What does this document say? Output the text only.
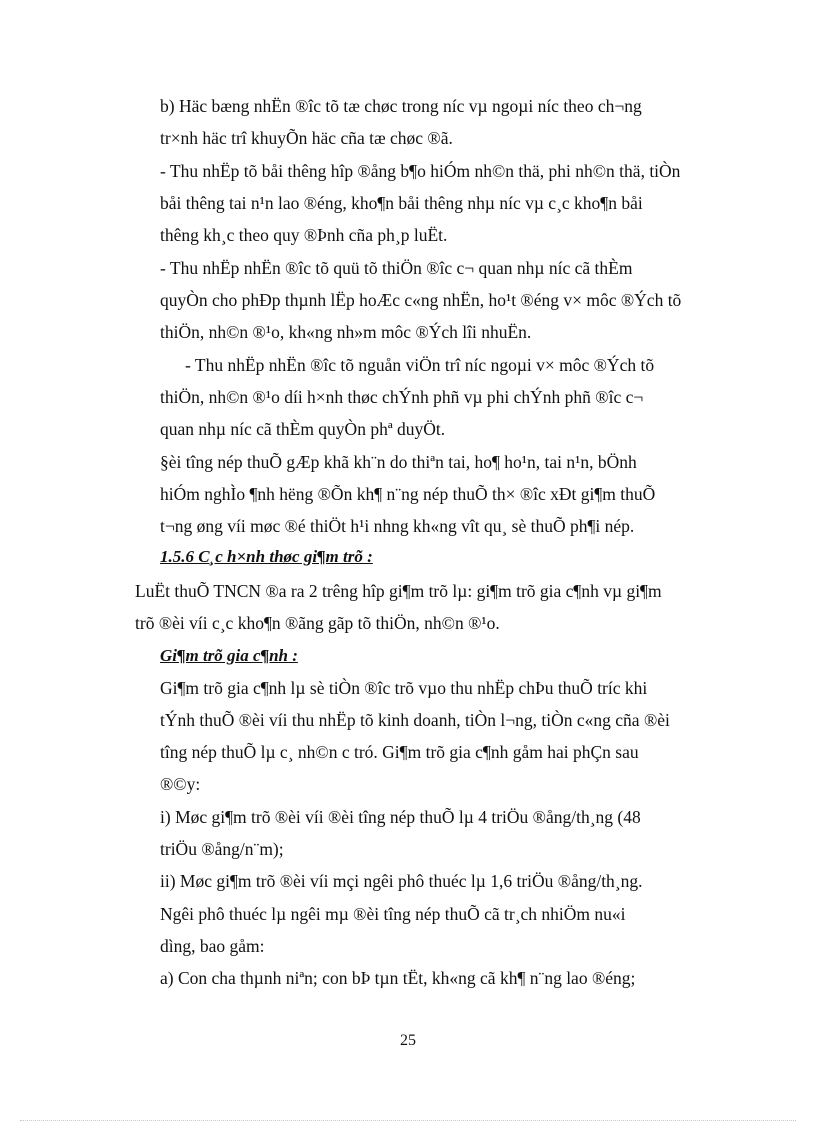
b) Häc bæng nhËn ®îc tõ tæ chøc trong níc vµ ngoµi níc theo ch¬ng
tr×nh häc trî khuyÕn häc cña tæ chøc ®ã.
- Thu nhËp tõ båi thêng hîp ®ång b¶o hiÓm nh©n thä, phi nh©n thä, tiÒn
båi thêng tai n¹n lao ®éng, kho¶n båi thêng nhµ níc vµ c¸c kho¶n båi
thêng kh¸c theo quy ®Þnh cña ph¸p luËt.
- Thu nhËp nhËn ®îc tõ quü tõ thiÖn ®îc c¬ quan nhµ níc cã thÈm
quyÒn cho phÐp thµnh lËp hoÆc c«ng nhËn, ho¹t ®éng v× môc ®Ých tõ
thiÖn, nh©n ®¹o, kh«ng nh»m môc ®Ých lîi nhuËn.
- Thu nhËp nhËn ®îc tõ nguån viÖn trî níc ngoµi v× môc ®Ých tõ
thiÖn, nh©n ®¹o díi h×nh thøc chÝnh phñ vµ phi chÝnh phñ ®îc c¬
quan nhµ níc cã thÈm quyÒn phª duyÖt.
§èi tîng nép thuÕ gÆp khã kh¨n do thiªn tai, ho¶ ho¹n, tai n¹n, bÖnh
hiÓm nghÌo ¶nh hëng ®Õn kh¶ n¨ng nép thuÕ th× ®îc xÐt gi¶m thuÕ
t¬ng øng víi møc ®é thiÖt h¹i nhng kh«ng vît qu¸ sè thuÕ ph¶i nép.
1.5.6 C¸c h×nh thøc gi¶m trõ :
LuËt thuÕ TNCN ®a ra 2 trêng hîp gi¶m trõ lµ: gi¶m trõ gia c¶nh vµ gi¶m
trõ ®èi víi c¸c kho¶n ®ãng gãp tõ thiÖn, nh©n ®¹o.
Gi¶m trõ gia c¶nh :
Gi¶m trõ gia c¶nh lµ sè tiÒn ®îc trõ vµo thu nhËp chÞu thuÕ tríc khi
tÝnh thuÕ ®èi víi thu nhËp tõ kinh doanh, tiÒn l¬ng, tiÒn c«ng cña ®èi
tîng nép thuÕ lµ c¸ nh©n c tró. Gi¶m trõ gia c¶nh gåm hai phÇn sau
®©y:
i) Møc gi¶m trõ ®èi víi ®èi tîng nép thuÕ lµ 4 triÖu ®ång/th¸ng (48
triÖu ®ång/n¨m);
ii) Møc gi¶m trõ ®èi víi mçi ngêi phô thuéc lµ 1,6 triÖu ®ång/th¸ng.
Ngêi phô thuéc lµ ngêi mµ ®èi tîng nép thuÕ cã tr¸ch nhiÖm nu«i
dìng, bao gåm:
a) Con cha thµnh niªn; con bÞ tµn tËt, kh«ng cã kh¶ n¨ng lao ®éng;
25
